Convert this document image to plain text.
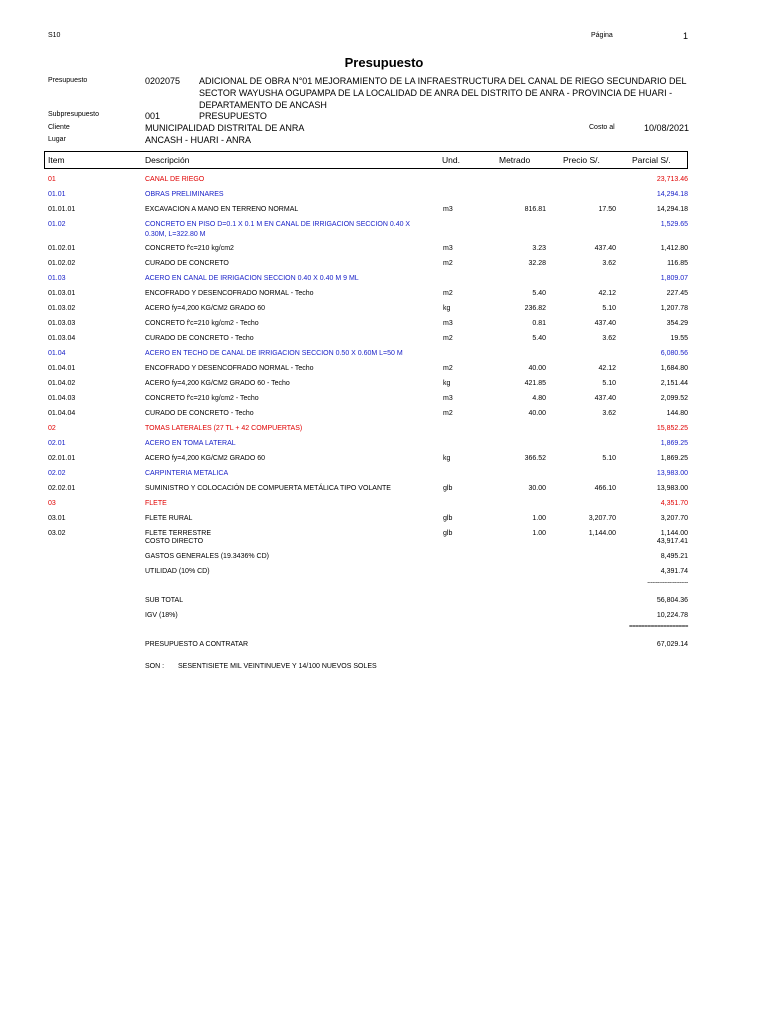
S10	Página	1
Presupuesto
Presupuesto	0202075 ADICIONAL DE OBRA N°01 MEJORAMIENTO DE LA INFRAESTRUCTURA DEL CANAL DE RIEGO SECUNDARIO DEL
SECTOR WAYUSHA OGUPAMPA DE LA LOCALIDAD DE ANRA DEL DISTRITO DE ANRA - PROVINCIA DE HUARI -
DEPARTAMENTO DE ANCASH
Subpresupuesto	001	PRESUPUESTO
Cliente	MUNICIPALIDAD DISTRITAL DE ANRA	Costo al	10/08/2021
Lugar	ANCASH - HUARI - ANRA
Item	Descripción	Und.	Metrado	Precio S/.	Parcial S/.
01	CANAL DE RIEGO	23,713.46
01.01	OBRAS PRELIMINARES	14,294.18
01.01.01	EXCAVACION A MANO EN TERRENO NORMAL	m3	816.81	17.50	14,294.18
01.02	CONCRETO EN PISO D=0.1 X 0.1 M EN CANAL DE IRRIGACION SECCION 0.40 X	1,529.65
0.30M, L=322.80 M
01.02.01	CONCRETO f'c=210 kg/cm2	m3	3.23	437.40	1,412.80
01.02.02	CURADO DE CONCRETO	m2	32.28	3.62	116.85
01.03	ACERO EN CANAL DE IRRIGACION SECCION 0.40 X 0.40 M 9 ML	1,809.07
01.03.01	ENCOFRADO Y DESENCOFRADO NORMAL - Techo	m2	5.40	42.12	227.45
01.03.02	ACERO fy=4,200 KG/CM2 GRADO 60	kg	236.82	5.10	1,207.78
01.03.03	CONCRETO f'c=210 kg/cm2 - Techo	m3	0.81	437.40	354.29
01.03.04	CURADO DE CONCRETO - Techo	m2	5.40	3.62	19.55
01.04	ACERO EN TECHO DE CANAL DE IRRIGACION SECCION 0.50 X 0.60M L=50 M	6,080.56
01.04.01	ENCOFRADO Y DESENCOFRADO NORMAL - Techo	m2	40.00	42.12	1,684.80
01.04.02	ACERO fy=4,200 KG/CM2 GRADO 60 - Techo	kg	421.85	5.10	2,151.44
01.04.03	CONCRETO f'c=210 kg/cm2 - Techo	m3	4.80	437.40	2,099.52
01.04.04	CURADO DE CONCRETO - Techo	m2	40.00	3.62	144.80
02	TOMAS LATERALES (27 TL + 42 COMPUERTAS)	15,852.25
02.01	ACERO EN TOMA LATERAL	1,869.25
02.01.01	ACERO fy=4,200 KG/CM2 GRADO 60	kg	366.52	5.10	1,869.25
02.02	CARPINTERIA METALICA	13,983.00
02.02.01	SUMINISTRO Y COLOCACIÓN DE COMPUERTA METÁLICA TIPO VOLANTE	glb	30.00	466.10	13,983.00
03	FLETE	4,351.70
03.01	FLETE RURAL	glb	1.00	3,207.70	3,207.70
03.02	FLETE TERRESTRE	glb	1.00	1,144.00	1,144.00
COSTO DIRECTO	43,917.41
GASTOS GENERALES (19.3436% CD)	8,495.21
UTILIDAD (10% CD)	4,391.74
------------------------
SUB TOTAL	56,804.36
IGV (18%)	10,224.78
===================
PRESUPUESTO A CONTRATAR	67,029.14
SON : SESENTISIETE MIL VEINTINUEVE Y 14/100 NUEVOS SOLES
